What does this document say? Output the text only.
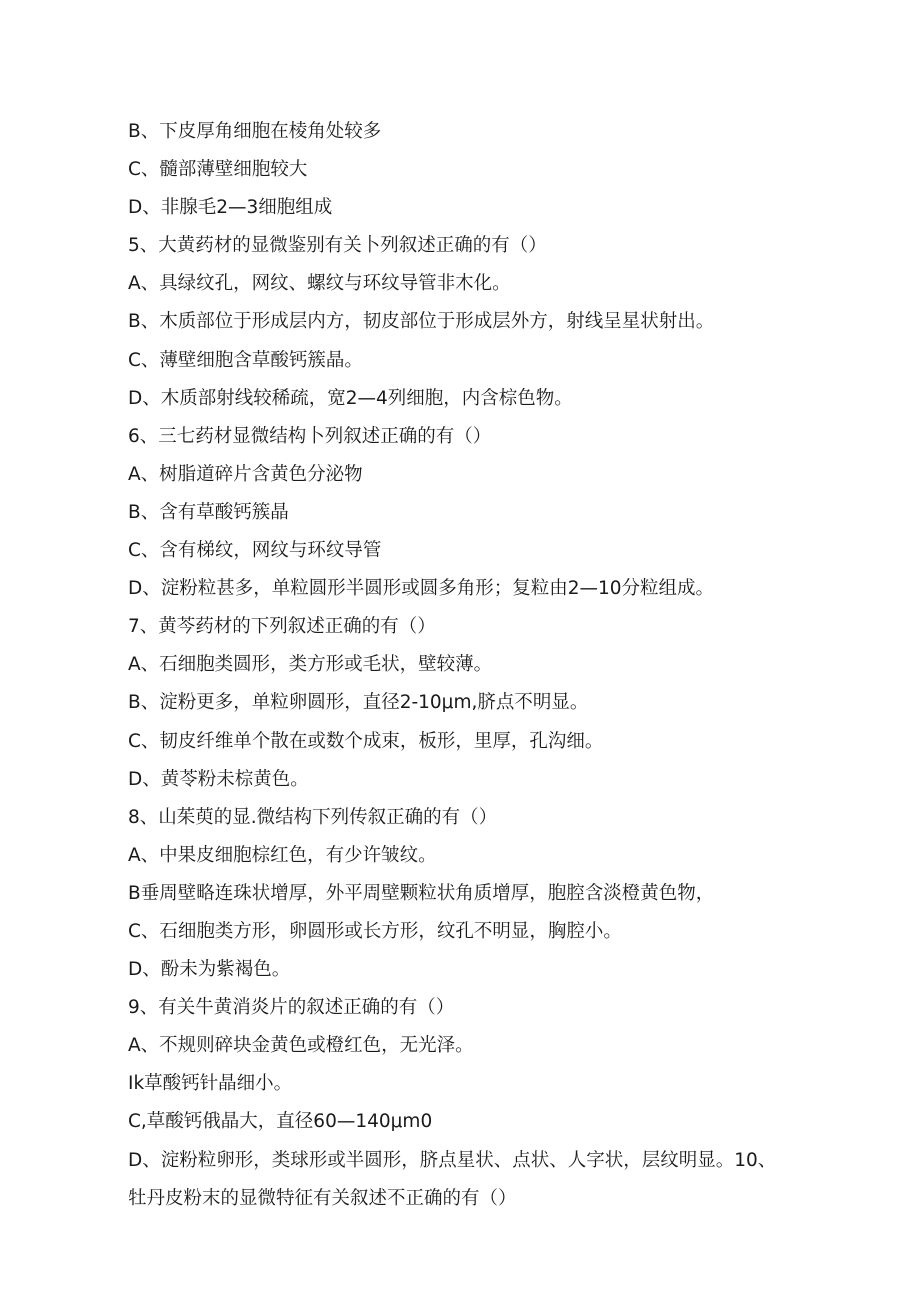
B、下皮厚角细胞在棱角处较多
C、髓部薄壁细胞较大
D、非腺毛2—3细胞组成
5、大黄药材的显微鉴别有关卜列叙述正确的有（）
A、具绿纹孔，网纹、螺纹与环纹导管非木化。
B、木质部位于形成层内方，韧皮部位于形成层外方，射线呈星状射出。
C、薄壁细胞含草酸钙簇晶。
D、木质部射线较稀疏，宽2—4列细胞，内含棕色物。
6、三七药材显微结构卜列叙述正确的有（）
A、树脂道碎片含黄色分泌物
B、含有草酸钙簇晶
C、含有梯纹，网纹与环纹导管
D、淀粉粒甚多，单粒圆形半圆形或圆多角形；复粒由2—10分粒组成。
7、黄芩药材的下列叙述正确的有（）
A、石细胞类圆形，类方形或毛状，壁较薄。
B、淀粉更多，单粒卵圆形，直径2-10μm,脐点不明显。
C、韧皮纤维单个散在或数个成束，板形，里厚，孔沟细。
D、黄苓粉未棕黄色。
8、山茱萸的显.微结构下列传叙正确的有（）
A、中果皮细胞棕红色，有少许皱纹。
B垂周壁略连珠状增厚，外平周壁颗粒状角质增厚，胞腔含淡橙黄色物，
C、石细胞类方形，卵圆形或长方形，纹孔不明显，胸腔小。
D、酚未为紫褐色。
9、有关牛黄消炎片的叙述正确的有（）
A、不规则碎块金黄色或橙红色，无光泽。
Ik草酸钙针晶细小。
C,草酸钙俄晶大，直径60—140μm0
D、淀粉粒卵形，类球形或半圆形，脐点星状、点状、人字状，层纹明显。10、
牡丹皮粉末的显微特征有关叙述不正确的有（）
